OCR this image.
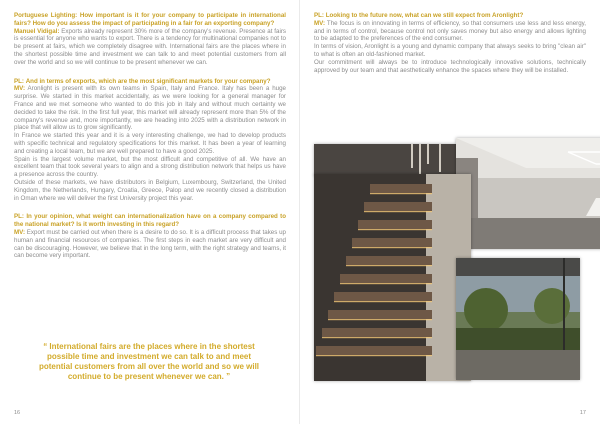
Portuguese Lighting: How important is it for your company to participate in international fairs? How do you assess the impact of participating in a fair for an exporting company?

Manuel Vidigal: Exports already represent 30% more of the company's revenue. Presence at fairs is essential for anyone who wants to export. There is a tendency for multinational companies not to be present at fairs, which we completely disagree with. International fairs are the places where in the shortest possible time and investment we can talk to and meet potential customers from all over the world and so we will continue to be present whenever we can.

PL: And in terms of exports, which are the most significant markets for your company?

MV: Aronlight is present with its own teams in Spain, Italy and France. Italy has been a huge surprise. We started in this market accidentally, as we were looking for a general manager for France and we met someone who wanted to do this job in Italy and without much certainty we decided to take the risk. In the first full year, this market will already represent more than 5% of the company's revenue and, more importantly, we are heading into 2025 with a distribution network in place that will allow us to grow significantly.

In France we started this year and it is a very interesting challenge, we had to develop products with specific technical and regulatory specifications for this market. It has been a year of learning and creating a local team, but we are well prepared to have a good 2025.

Spain is the largest volume market, but the most difficult and competitive of all. We have an excellent team that took several years to align and a strong distribution network that helps us have a presence across the country.

Outside of these markets, we have distributors in Belgium, Luxembourg, Switzerland, the United Kingdom, the Netherlands, Hungary, Croatia, Greece, Palop and we recently closed a distribution in Oman where we will deliver the first University project this year.

PL: In your opinion, what weight can internationalization have on a company compared to the national market? Is it worth investing in this regard?

MV: Export must be carried out when there is a desire to do so. It is a difficult process that takes up human and financial resources of companies. The first steps in each market are very difficult and can be discouraging. However, we believe that in the long term, with the right strategy and teams, it can become very important.

“ International fairs are the places where in the shortest possible time and investment we can talk to and meet potential customers from all over the world and so we will continue to be present whenever we can. ”
16

PL: Looking to the future now, what can we still expect from Aronlight?

MV: The focus is on innovating in terms of efficiency, so that consumers use less and less energy, and in terms of control, because control not only saves money but also energy and allows lighting to be adapted to the preferences of the end consumer.

In terms of vision, Aronlight is a young and dynamic company that always seeks to bring "clean air" to what is often an old-fashioned market.

Our commitment will always be to introduce technologically innovative solutions, technically approved by our team and that aesthetically enhance the spaces where they will be installed.

17
